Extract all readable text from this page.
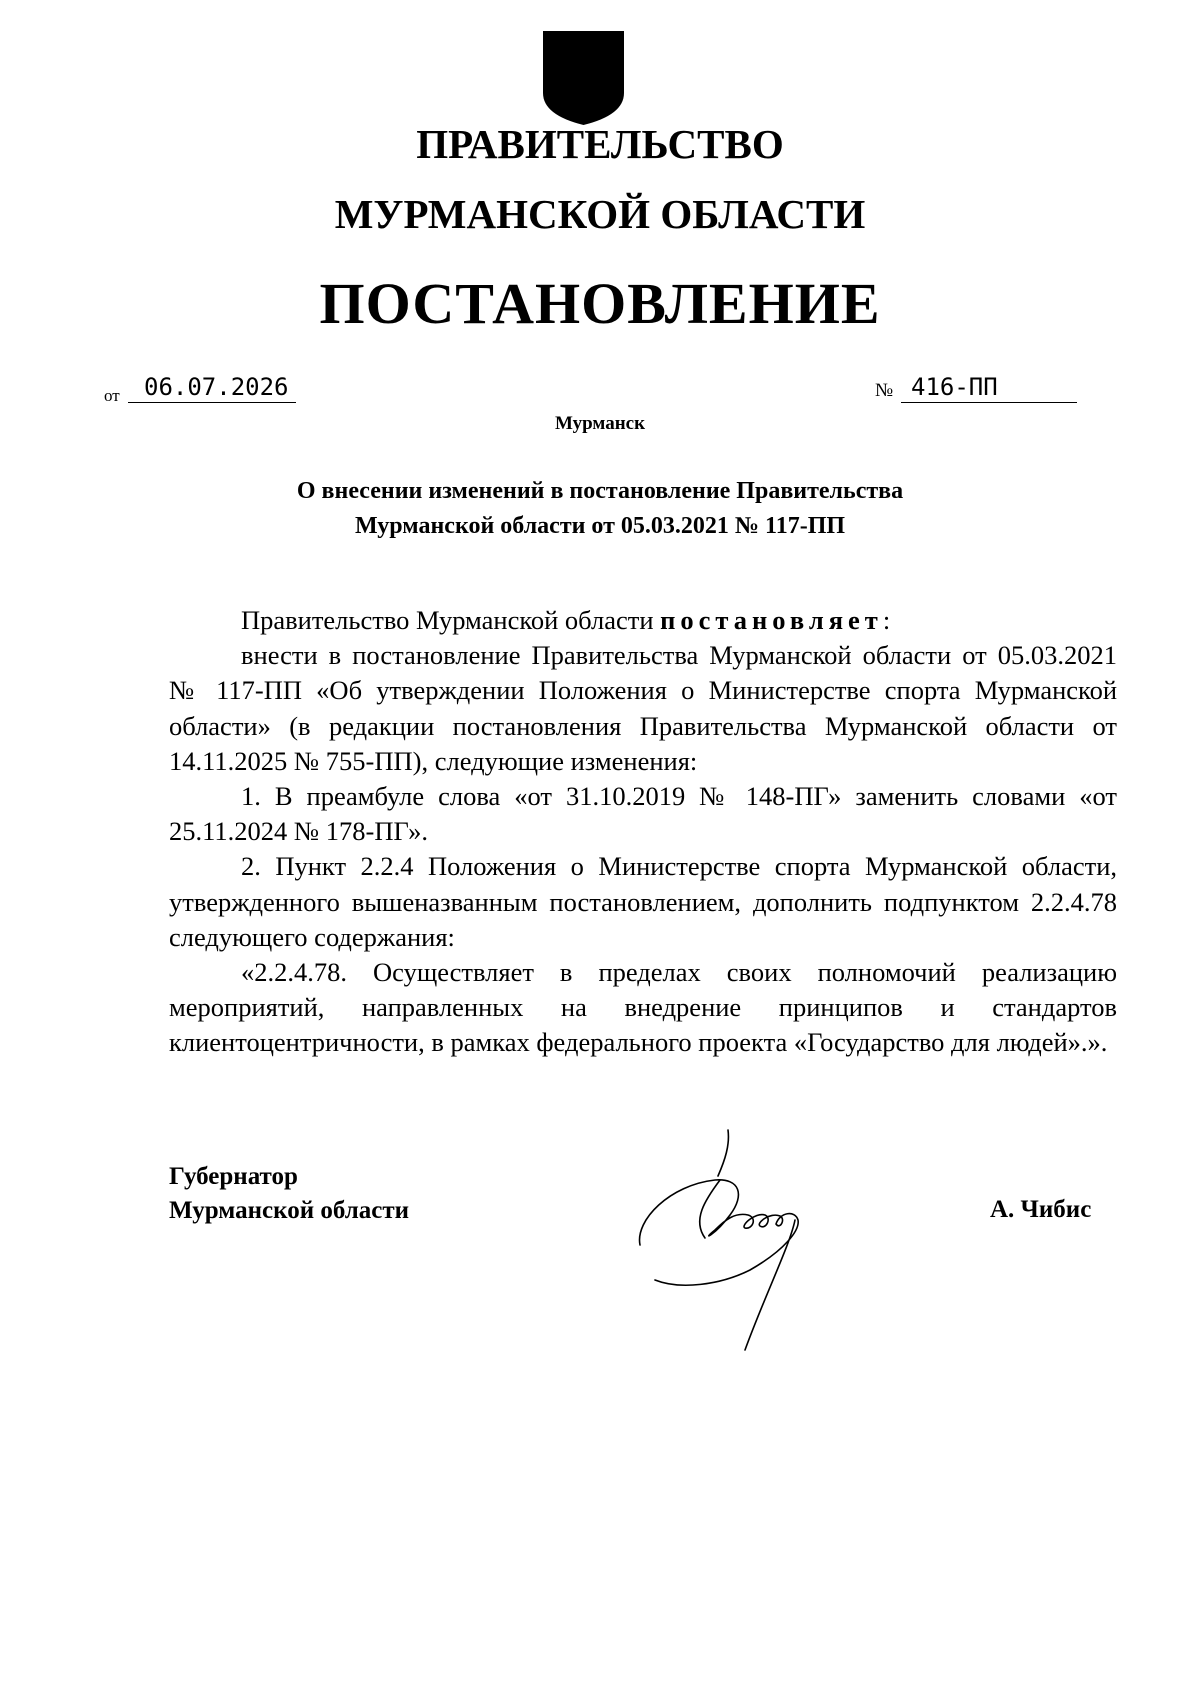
ПРАВИТЕЛЬСТВО
МУРМАНСКОЙ ОБЛАСТИ
ПОСТАНОВЛЕНИЕ
от	06.07.2026	№ 416-ПП
Мурманск
О внесении изменений в постановление Правительства
Мурманской области от 05.03.2021 № 117-ПП

Правительство Мурманской области постановляет:

внести в постановление Правительства Мурманской области от 05.03.2021 № 117-ПП «Об утверждении Положения о Министерстве спорта Мурманской области» (в редакции постановления Правительства Мурманской области от 14.11.2025 № 755-ПП), следующие изменения:

1. В преамбуле слова «от 31.10.2019 № 148-ПГ» заменить словами «от 25.11.2024 № 178-ПГ».

2. Пункт 2.2.4 Положения о Министерстве спорта Мурманской области, утвержденного вышеназванным постановлением, дополнить подпунктом 2.2.4.78 следующего содержания:

«2.2.4.78. Осуществляет в пределах своих полномочий реализацию мероприятий, направленных на внедрение принципов и стандартов клиентоцентричности, в рамках федерального проекта «Государство для людей».».

Губернатор
Мурманской области	А. Чибис
